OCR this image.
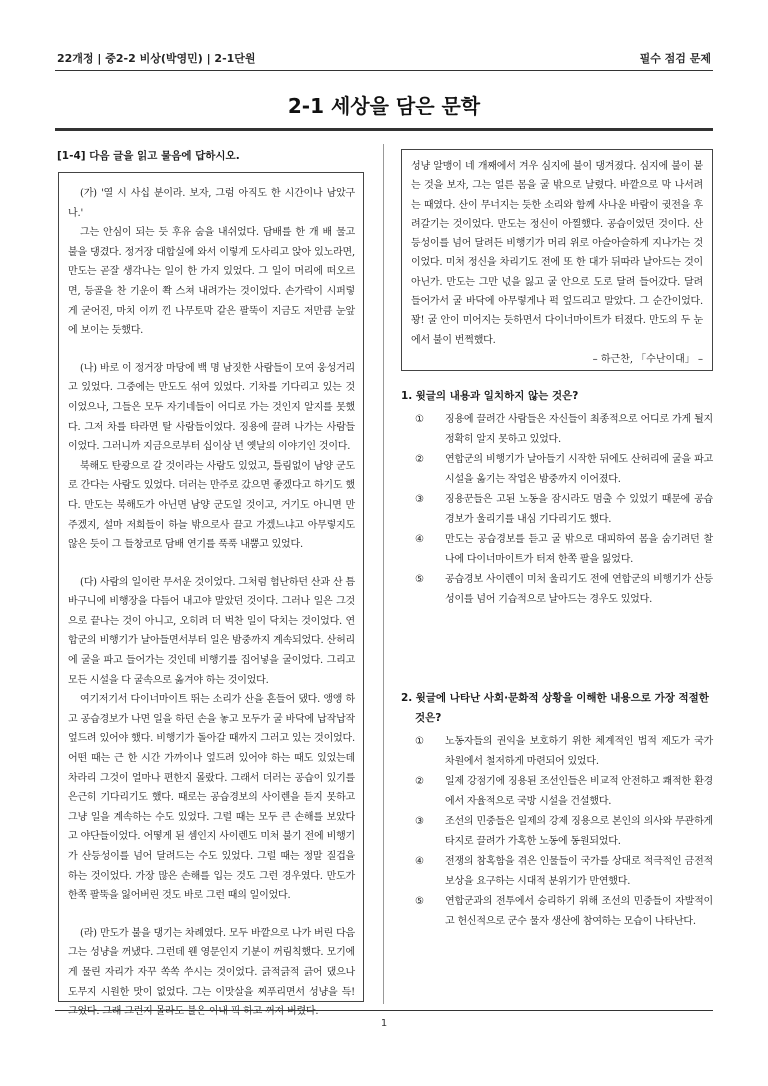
22개정 | 중2-2 비상(박영민) | 2-1단원	필수 점검 문제
2-1 세상을 담은 문학
[1-4] 다음 글을 읽고 물음에 답하시오.

(가) '열 시 사십 분이라. 보자, 그럼 아직도 한 시간이나 남았구나.'

그는 안심이 되는 듯 후유 숨을 내쉬었다. 담배를 한 개 배 물고 불을 댕겼다. 정거장 대합실에 와서 이렇게 도사리고 앉아 있노라면, 만도는 곧잘 생각나는 일이 한 가지 있었다. 그 일이 머리에 떠오르면, 등골을 찬 기운이 쫙 스쳐 내려가는 것이었다. 손가락이 시퍼렇게 굳어진, 마치 이끼 낀 나무토막 같은 팔뚝이 지금도 저만큼 눈앞에 보이는 듯했다.

(나) 바로 이 정거장 마당에 백 명 남짓한 사람들이 모여 웅성거리고 있었다. 그중에는 만도도 섞여 있었다. 기차를 기다리고 있는 것이었으나, 그들은 모두 자기네들이 어디로 가는 것인지 알지를 못했다. 그저 차를 타라면 탈 사람들이었다. 징용에 끌려 나가는 사람들이었다. 그러니까 지금으로부터 십이삼 년 옛날의 이야기인 것이다.

북해도 탄광으로 갈 것이라는 사람도 있었고, 틀림없이 남양 군도로 간다는 사람도 있었다. 더러는 만주로 갔으면 좋겠다고 하기도 했다. 만도는 북해도가 아닌면 남양 군도일 것이고, 거기도 아니면 만주겠지, 설마 저희들이 하늘 밖으로사 끌고 가겠느냐고 아무렇지도 않은 듯이 그 들창코로 담배 연기를 푹푹 내뿜고 있었다.

(다) 사람의 일이란 무서운 것이었다. 그처럼 험난하던 산과 산 틈바구니에 비행장을 다듬어 내고야 말았던 것이다. 그러나 일은 그것으로 끝나는 것이 아니고, 오히려 더 벅찬 일이 닥치는 것이었다. 연합군의 비행기가 날아들면서부터 일은 밤중까지 계속되었다. 산허리에 굴을 파고 들어가는 것인데 비행기를 집어넣을 굴이었다. 그리고 모든 시설을 다 굴속으로 옮겨야 하는 것이었다.

여기저기서 다이너마이트 뛰는 소리가 산을 흔들어 댔다. 앵앵 하고 공습경보가 나면 일을 하던 손을 놓고 모두가 굴 바닥에 납작납작 엎드려 있어야 했다. 비행기가 돌아갈 때까지 그러고 있는 것이었다. 어떤 때는 근 한 시간 가까이나 엎드려 있어야 하는 때도 있었는데 차라리 그것이 얼마나 편한지 몰랐다. 그래서 더러는 공습이 있기를 은근히 기다리기도 했다. 때로는 공습경보의 사이렌을 듣지 못하고 그냥 일을 계속하는 수도 있었다. 그럴 때는 모두 큰 손해를 보았다고 야단들이었다. 어떻게 된 셈인지 사이렌도 미처 불기 전에 비행기가 산등성이를 넘어 달려드는 수도 있었다. 그럴 때는 정말 질겁을 하는 것이었다. 가장 많은 손해를 입는 것도 그런 경우였다. 만도가 한쪽 팔뚝을 잃어버린 것도 바로 그런 때의 일이었다.

(라) 만도가 불을 댕기는 차례였다. 모두 바깥으로 나가 버린 다음 그는 성냥을 꺼냈다. 그런데 웬 영문인지 기분이 꺼림칙했다. 모기에게 물린 자리가 자꾸 쏙쏙 쑤시는 것이었다. 긁적긁적 긁어 댔으나 도무지 시원한 맛이 없었다. 그는 이맛살을 찌푸리면서 성냥을 득! 그었다. 그래 그런지 몰라도 불은 이내 픽 하고 꺼져 버렸다.

성냥 알맹이 네 개째에서 겨우 심지에 불이 댕겨졌다. 심지에 불이 붙는 것을 보자, 그는 얼른 몸을 굴 밖으로 날렸다. 바깥으로 막 나서려는 때였다. 산이 무너지는 듯한 소리와 함께 사나운 바람이 귓전을 후려갈기는 것이었다. 만도는 정신이 아찔했다. 공습이었던 것이다. 산등성이를 넘어 달려든 비행기가 머리 위로 아슬아슬하게 지나가는 것이었다. 미처 정신을 차리기도 전에 또 한 대가 뒤따라 날아드는 것이 아닌가. 만도는 그만 넋을 잃고 굴 안으로 도로 달려 들어갔다. 달려 들어가서 굴 바닥에 아무렇게나 퍽 엎드리고 말았다. 그 순간이었다. 꽝! 굴 안이 미어지는 듯하면서 다이너마이트가 터졌다. 만도의 두 눈에서 불이 번쩍했다.

– 하근찬, 「수난이대」 –
1. 윗글의 내용과 일치하지 않는 것은?
①	징용에 끌려간 사람들은 자신들이 최종적으로 어디로 가게 될지 정확히 알지 못하고 있었다.
②	연합군의 비행기가 날아들기 시작한 뒤에도 산허리에 굴을 파고 시설을 옮기는 작업은 밤중까지 이어졌다.
③	징용꾼들은 고된 노동을 잠시라도 멈출 수 있었기 때문에 공습경보가 울리기를 내심 기다리기도 했다.
④	만도는 공습경보를 듣고 굴 밖으로 대피하여 몸을 숨기려던 찰나에 다이너마이트가 터져 한쪽 팔을 잃었다.
⑤	공습경보 사이렌이 미처 울리기도 전에 연합군의 비행기가 산등성이를 넘어 기습적으로 날아드는 경우도 있었다.
2. 윗글에 나타난 사회·문화적 상황을 이해한 내용으로 가장 적절한 것은?
①	노동자들의 권익을 보호하기 위한 체계적인 법적 제도가 국가 차원에서 철저하게 마련되어 있었다.
②	일제 강점기에 징용된 조선인들은 비교적 안전하고 쾌적한 환경에서 자율적으로 국방 시설을 건설했다.
③	조선의 민중들은 일제의 강제 징용으로 본인의 의사와 무관하게 타지로 끌려가 가혹한 노동에 동원되었다.
④	전쟁의 참혹함을 겪은 인물들이 국가를 상대로 적극적인 금전적 보상을 요구하는 시대적 분위기가 만연했다.
⑤	연합군과의 전투에서 승리하기 위해 조선의 민중들이 자발적이고 헌신적으로 군수 물자 생산에 참여하는 모습이 나타난다.
1
